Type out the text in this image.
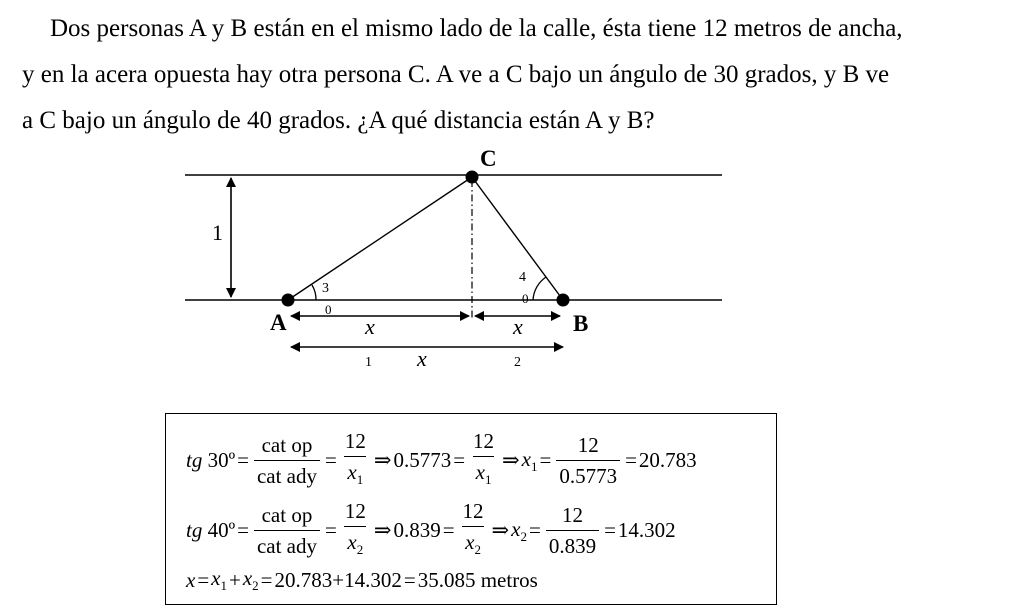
Dos personas A y B están en el mismo lado de la calle, ésta tiene 12 metros de ancha,
y en la acera opuesta hay otra persona C. A ve a C bajo un ángulo de 30 grados, y B ve
a C bajo un ángulo de 40 grados. ¿A qué distancia están A y B?
1
C
A	B
3
0
4
0
x
1
x
2
x
tg
30º = $\frac{\text{cat op}}{\text{cat ady}} = \frac{12}{x_1}$ ⇒ $0.5773 = \frac{12}{x_1}$ ⇒ $x_1 = \frac{12}{0.5773} = 20.783$
tg
40º = $\frac{\text{cat op}}{\text{cat ady}} = \frac{12}{x_2}$ ⇒ $0.839 = \frac{12}{x_2}$ ⇒ $x_2 = \frac{12}{0.839} = 14.302$
$x = x_1 + x_2 = 20.783+14.302 = 35.085$ metros
